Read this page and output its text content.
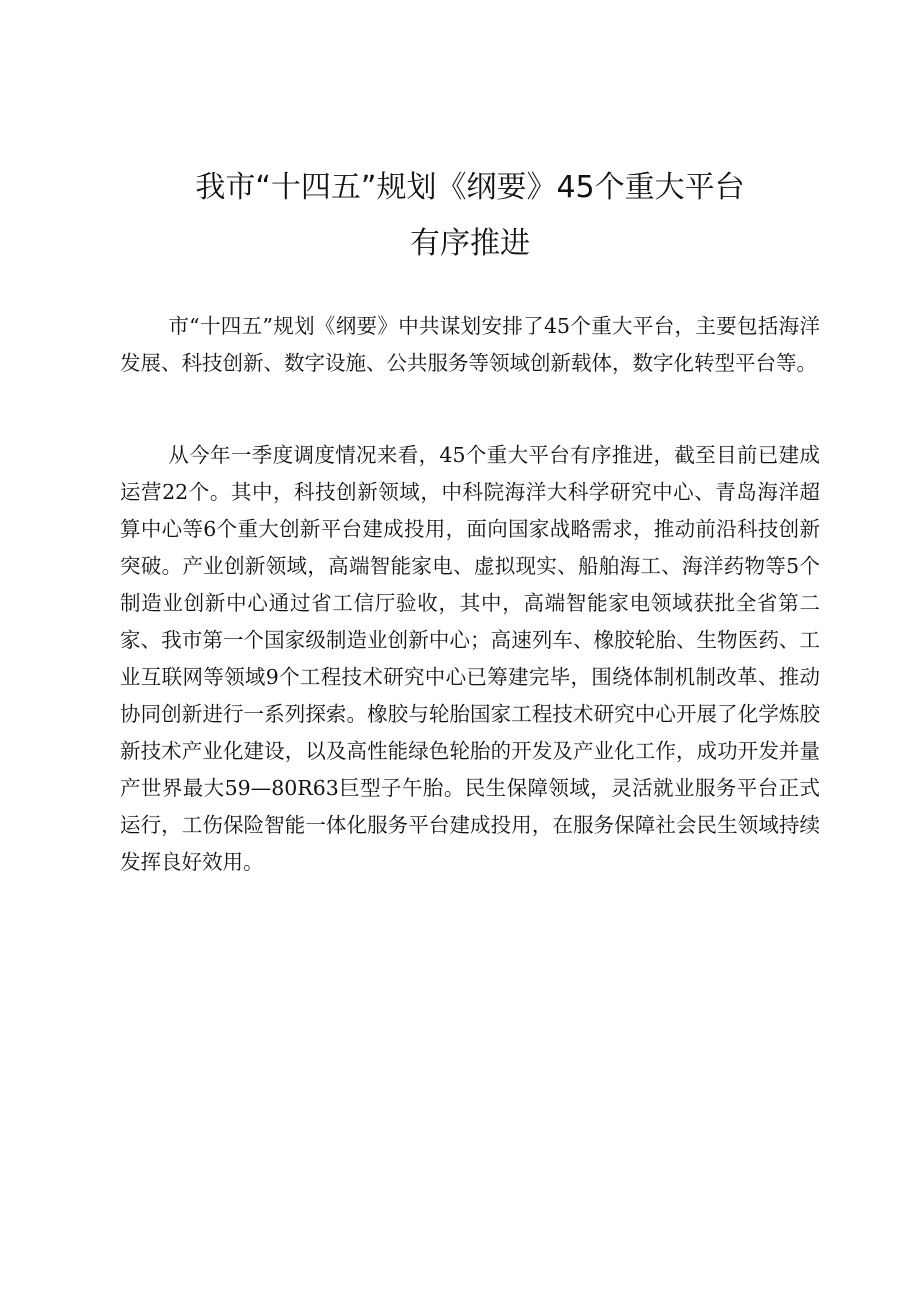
我市“十四五”规划《纲要》45个重大平台
有序推进

市“十四五”规划《纲要》中共谋划安排了45个重大平台，主要包括海洋发展、科技创新、数字设施、公共服务等领域创新载体，数字化转型平台等。

从今年一季度调度情况来看，45个重大平台有序推进，截至目前已建成运营22个。其中，科技创新领域，中科院海洋大科学研究中心、青岛海洋超算中心等6个重大创新平台建成投用，面向国家战略需求，推动前沿科技创新突破。产业创新领域，高端智能家电、虚拟现实、船舶海工、海洋药物等5个制造业创新中心通过省工信厅验收，其中，高端智能家电领域获批全省第二家、我市第一个国家级制造业创新中心；高速列车、橡胶轮胎、生物医药、工业互联网等领域9个工程技术研究中心已筹建完毕，围绕体制机制改革、推动协同创新进行一系列探索。橡胶与轮胎国家工程技术研究中心开展了化学炼胶新技术产业化建设，以及高性能绿色轮胎的开发及产业化工作，成功开发并量产世界最大59—80R63巨型子午胎。民生保障领域，灵活就业服务平台正式运行，工伤保险智能一体化服务平台建成投用，在服务保障社会民生领域持续发挥良好效用。
